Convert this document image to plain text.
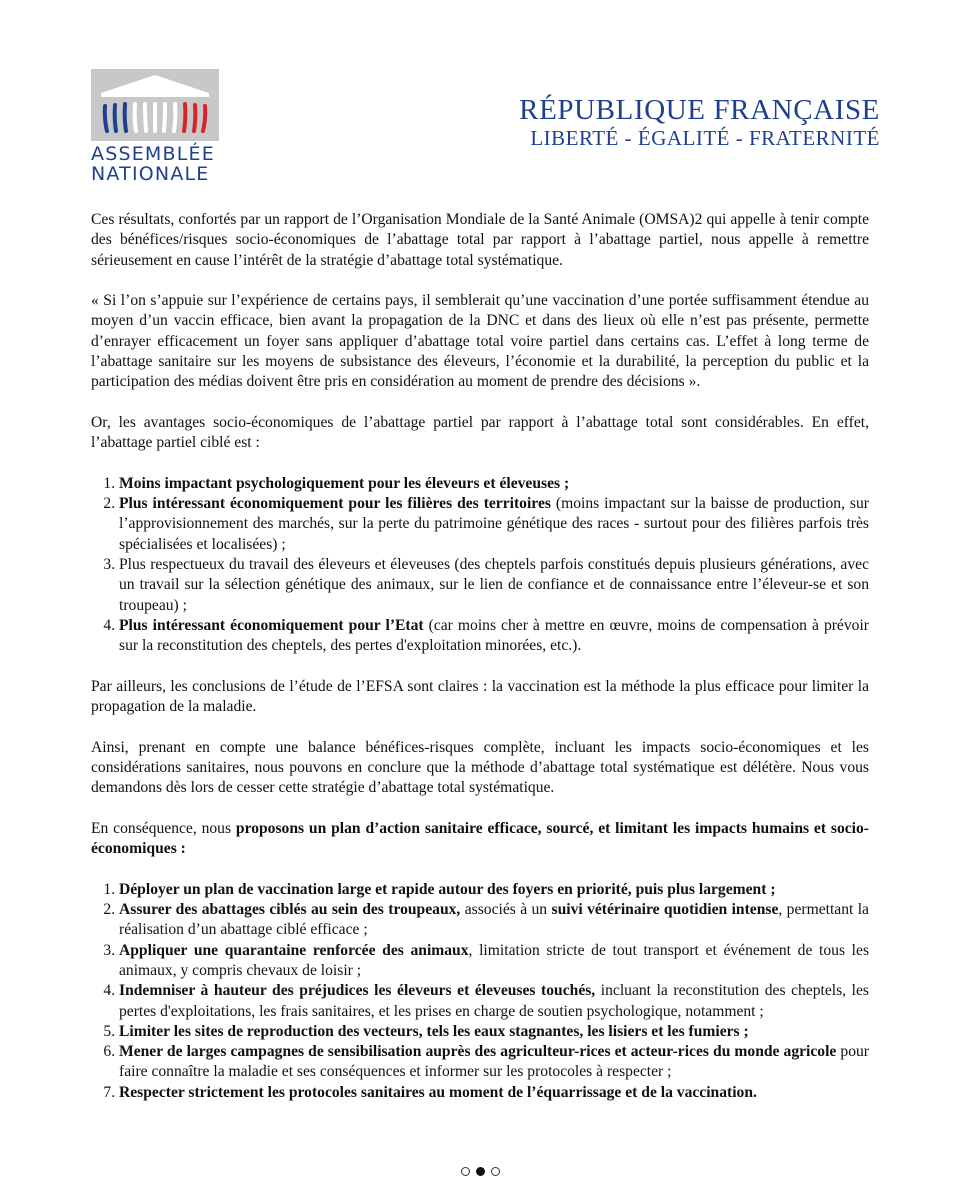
ASSEMBLÉE
NATIONALE
RÉPUBLIQUE FRANÇAISE
LIBERTÉ - ÉGALITÉ - FRATERNITÉ

Ces résultats, confortés par un rapport de l’Organisation Mondiale de la Santé Animale (OMSA)2 qui appelle à tenir compte des bénéfices/risques socio-économiques de l’abattage total par rapport à l’abattage partiel, nous appelle à remettre sérieusement en cause l’intérêt de la stratégie d’abattage total systématique.

« Si l’on s’appuie sur l’expérience de certains pays, il semblerait qu’une vaccination d’une portée suffisamment étendue au moyen d’un vaccin efficace, bien avant la propagation de la DNC et dans des lieux où elle n’est pas présente, permette d’enrayer efficacement un foyer sans appliquer d’abattage total voire partiel dans certains cas. L’effet à long terme de l’abattage sanitaire sur les moyens de subsistance des éleveurs, l’économie et la durabilité, la perception du public et la participation des médias doivent être pris en considération au moment de prendre des décisions ».

Or, les avantages socio-économiques de l’abattage partiel par rapport à l’abattage total sont considérables. En effet, l’abattage partiel ciblé est :

1. Moins impactant psychologiquement pour les éleveurs et éleveuses ;
2. Plus intéressant économiquement pour les filières des territoires (moins impactant sur la baisse de production, sur l’approvisionnement des marchés, sur la perte du patrimoine génétique des races - surtout pour des filières parfois très spécialisées et localisées) ;
3. Plus respectueux du travail des éleveurs et éleveuses (des cheptels parfois constitués depuis plusieurs générations, avec un travail sur la sélection génétique des animaux, sur le lien de confiance et de connaissance entre l’éleveur-se et son troupeau) ;
4. Plus intéressant économiquement pour l’Etat (car moins cher à mettre en œuvre, moins de compensation à prévoir sur la reconstitution des cheptels, des pertes d'exploitation minorées, etc.).

Par ailleurs, les conclusions de l’étude de l’EFSA sont claires : la vaccination est la méthode la plus efficace pour limiter la propagation de la maladie.

Ainsi, prenant en compte une balance bénéfices-risques complète, incluant les impacts socio-économiques et les considérations sanitaires, nous pouvons en conclure que la méthode d’abattage total systématique est délétère. Nous vous demandons dès lors de cesser cette stratégie d’abattage total systématique.

En conséquence, nous proposons un plan d’action sanitaire efficace, sourcé, et limitant les impacts humains et socio-économiques :

1. Déployer un plan de vaccination large et rapide autour des foyers en priorité, puis plus largement ;
2. Assurer des abattages ciblés au sein des troupeaux, associés à un suivi vétérinaire quotidien intense, permettant la réalisation d’un abattage ciblé efficace ;
3. Appliquer une quarantaine renforcée des animaux, limitation stricte de tout transport et événement de tous les animaux, y compris chevaux de loisir ;
4. Indemniser à hauteur des préjudices les éleveurs et éleveuses touchés, incluant la reconstitution des cheptels, les pertes d'exploitations, les frais sanitaires, et les prises en charge de soutien psychologique, notamment ;
5. Limiter les sites de reproduction des vecteurs, tels les eaux stagnantes, les lisiers et les fumiers ;
6. Mener de larges campagnes de sensibilisation auprès des agriculteur-rices et acteur-rices du monde agricole pour faire connaître la maladie et ses conséquences et informer sur les protocoles à respecter ;
7. Respecter strictement les protocoles sanitaires au moment de l’équarrissage et de la vaccination.
